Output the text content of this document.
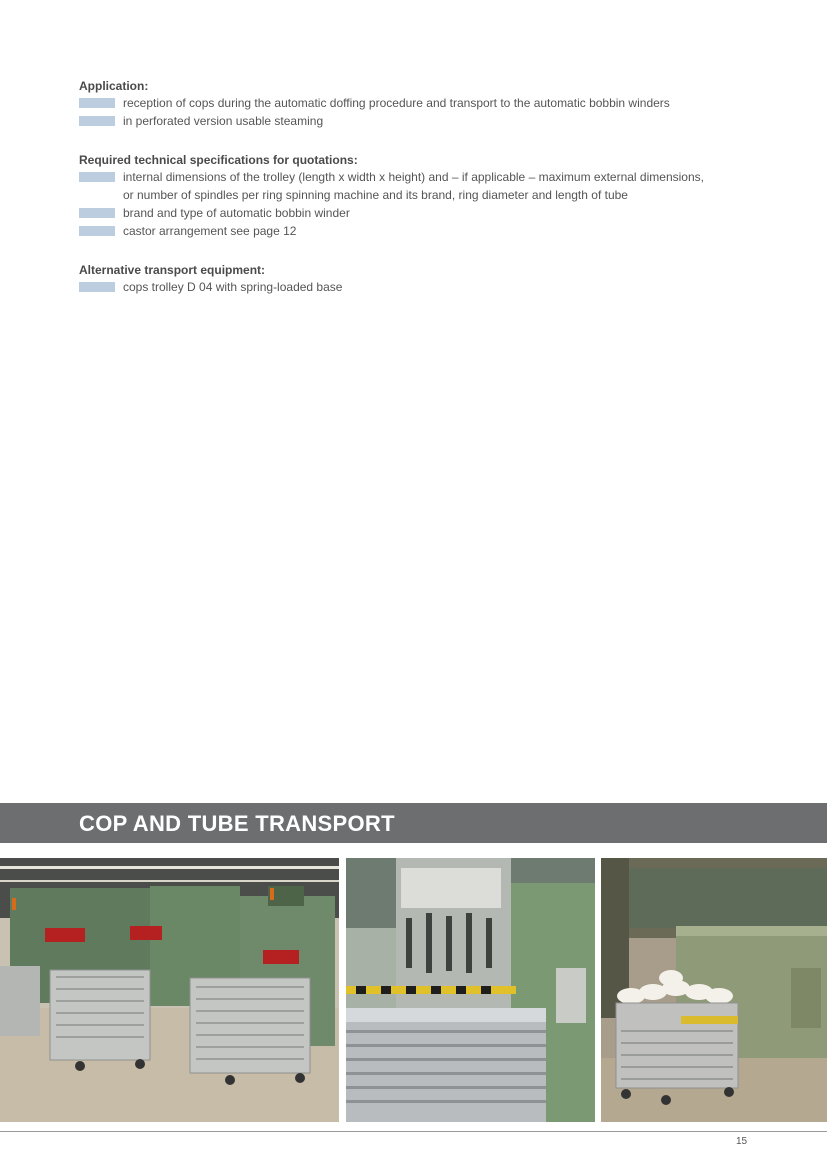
Application:

reception of cops during the automatic doffing procedure and transport to the automatic bobbin winders
in perforated version usable steaming

Required technical specifications for quotations:

internal dimensions of the trolley (length x width x height) and – if applicable – maximum external dimensions,
or number of spindles per ring spinning machine and its brand, ring diameter and length of tube
brand and type of automatic bobbin winder
castor arrangement see page 12

Alternative transport equipment:

cops trolley D 04 with spring-loaded base
COP AND TUBE TRANSPORT
15
